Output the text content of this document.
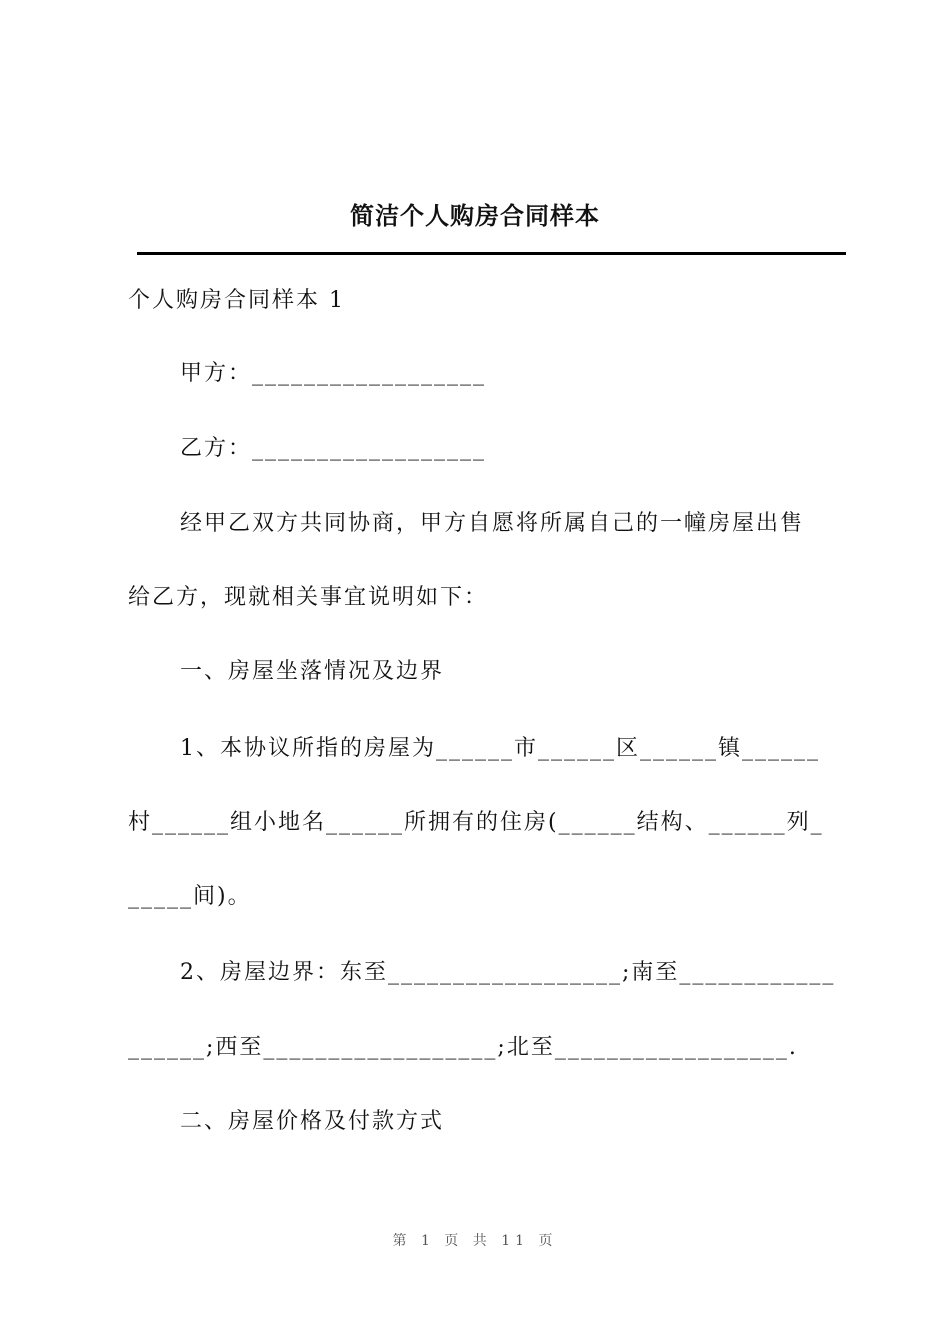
简洁个人购房合同样本
个人购房合同样本 1
甲方：__________________
乙方：__________________
经甲乙双方共同协商，甲方自愿将所属自己的一幢房屋出售
给乙方，现就相关事宜说明如下：
一、房屋坐落情况及边界
1、本协议所指的房屋为______市______区______镇______
村______组小地名______所拥有的住房(______结构、______列_
_____间)。
2、房屋边界：东至__________________;南至____________
______;西至__________________;北至__________________.
二、房屋价格及付款方式
第 1 页 共 11 页
